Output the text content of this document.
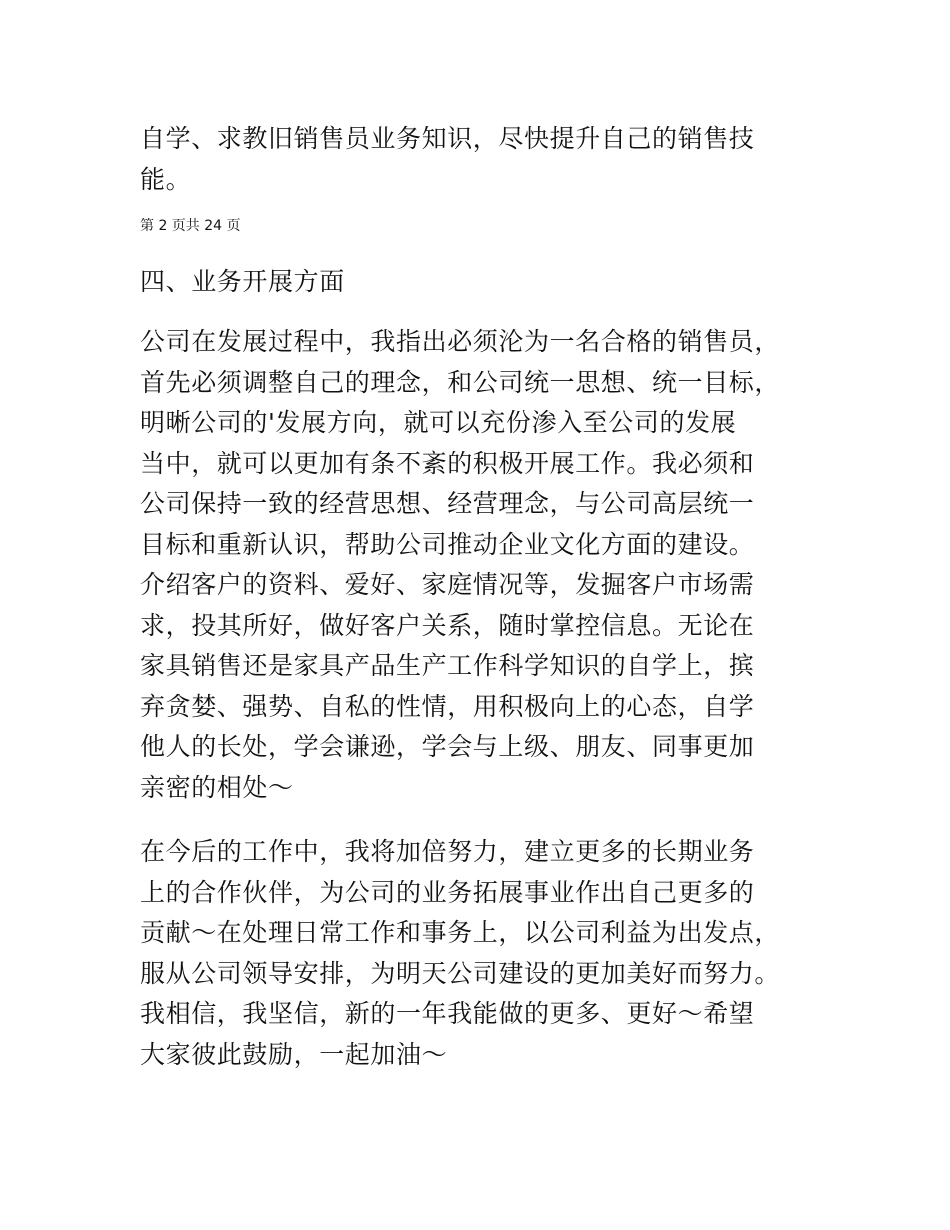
自学、求教旧销售员业务知识，尽快提升自己的销售技
能。

第 2 页共 24 页
四、业务开展方面

公司在发展过程中，我指出必须沦为一名合格的销售员，
首先必须调整自己的理念，和公司统一思想、统一目标，
明晰公司的'发展方向，就可以充份渗入至公司的发展
当中，就可以更加有条不紊的积极开展工作。我必须和
公司保持一致的经营思想、经营理念，与公司高层统一
目标和重新认识，帮助公司推动企业文化方面的建设。
介绍客户的资料、爱好、家庭情况等，发掘客户市场需
求，投其所好，做好客户关系，随时掌控信息。无论在
家具销售还是家具产品生产工作科学知识的自学上，摈
弃贪婪、强势、自私的性情，用积极向上的心态，自学
他人的长处，学会谦逊，学会与上级、朋友、同事更加
亲密的相处～

在今后的工作中，我将加倍努力，建立更多的长期业务
上的合作伙伴，为公司的业务拓展事业作出自己更多的
贡献～在处理日常工作和事务上，以公司利益为出发点，
服从公司领导安排，为明天公司建设的更加美好而努力。
我相信，我坚信，新的一年我能做的更多、更好～希望
大家彼此鼓励，一起加油～
